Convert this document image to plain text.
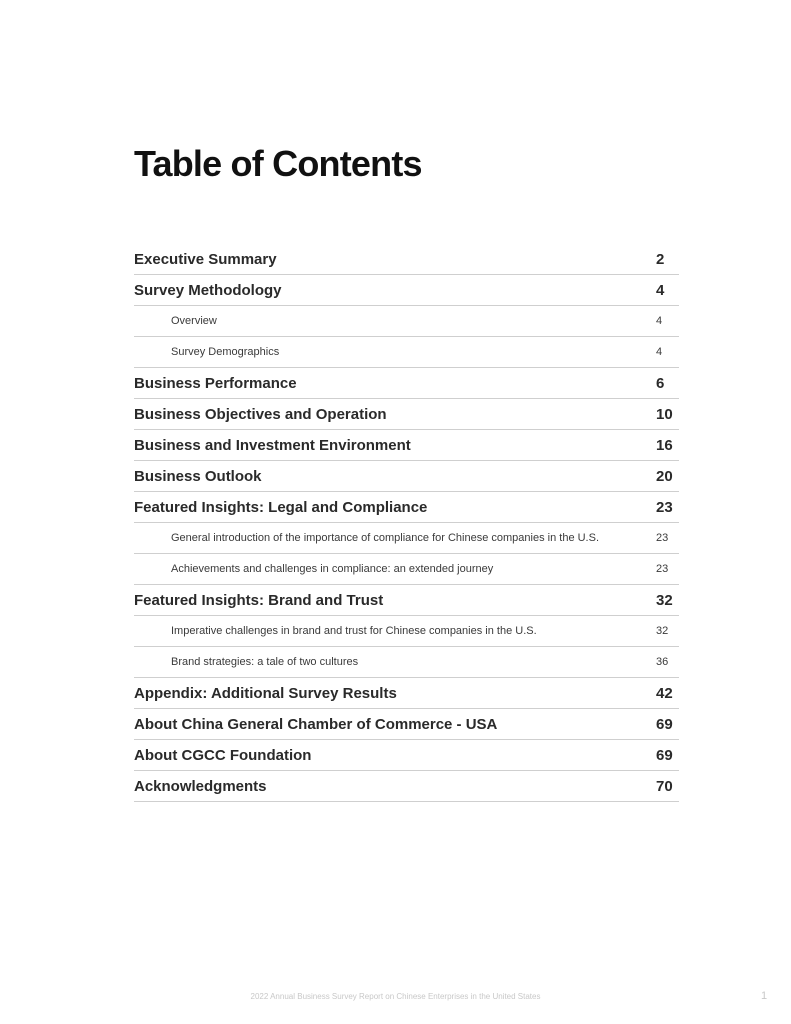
Table of Contents
Executive Summary	2
Survey Methodology	4
Overview	4
Survey Demographics	4
Business Performance	6
Business Objectives and Operation	10
Business and Investment Environment	16
Business Outlook	20
Featured Insights: Legal and Compliance	23
General introduction of the importance of compliance for Chinese companies in the U.S.	23
Achievements and challenges in compliance: an extended journey	23
Featured Insights: Brand and Trust	32
Imperative challenges in brand and trust for Chinese companies in the U.S.	32
Brand strategies: a tale of two cultures	36
Appendix: Additional Survey Results	42
About China General Chamber of Commerce - USA	69
About CGCC Foundation	69
Acknowledgments	70
2022 Annual Business Survey Report on Chinese Enterprises in the United States	1
